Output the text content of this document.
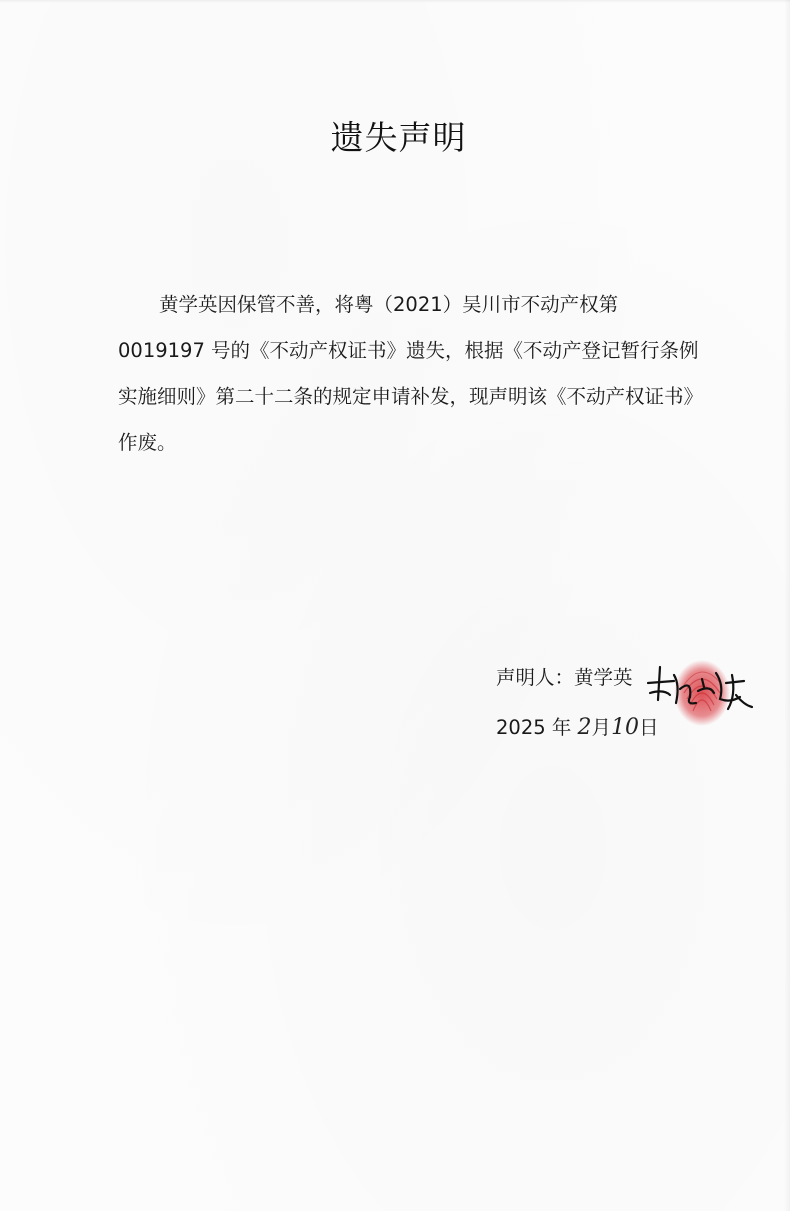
遗失声明
黄学英因保管不善，将粤（2021）吴川市不动产权第
0019197 号的《不动产权证书》遗失，根据《不动产登记暂行条例
实施细则》第二十二条的规定申请补发，现声明该《不动产权证书》
作废。
声明人：黄学英
2025 年 2月10日
